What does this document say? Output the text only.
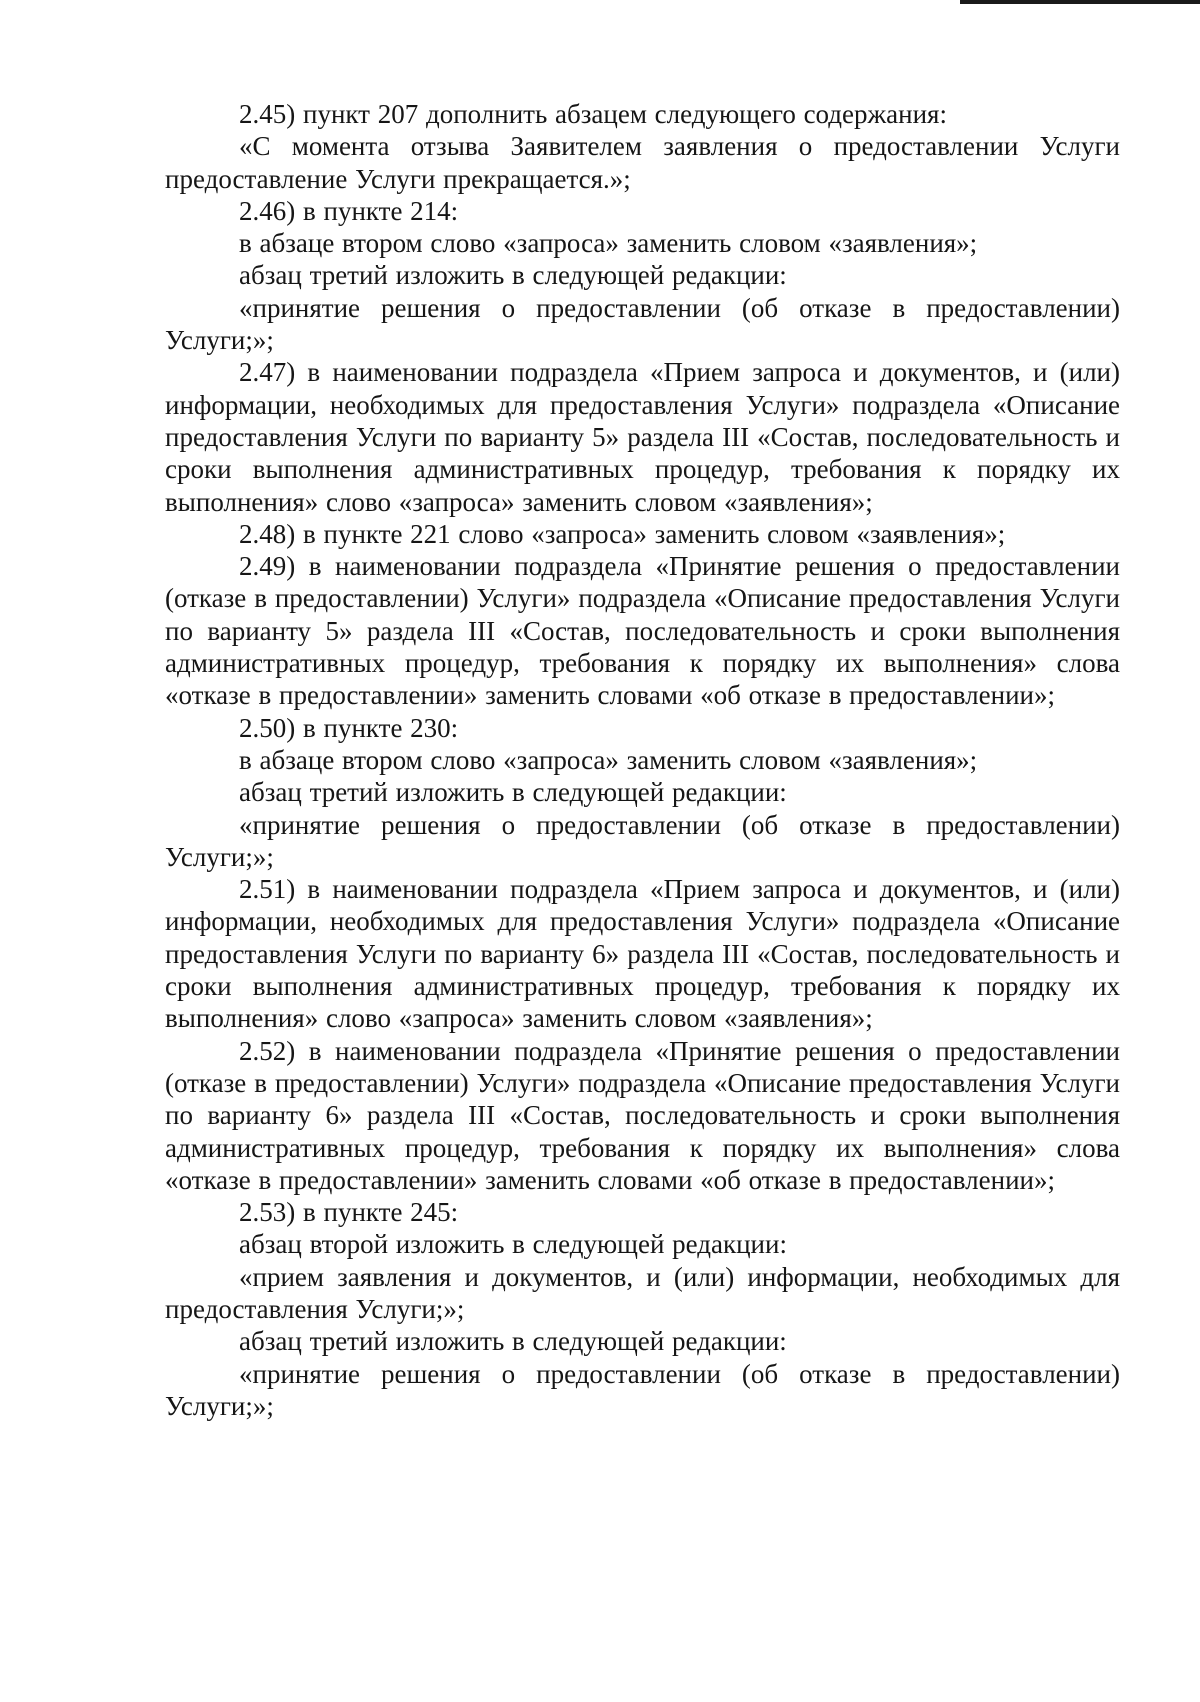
2.45) пункт 207 дополнить абзацем следующего содержания:

«С момента отзыва Заявителем заявления о предоставлении Услуги предоставление Услуги прекращается.»;

2.46) в пункте 214:

в абзаце втором слово «запроса» заменить словом «заявления»;

абзац третий изложить в следующей редакции:

«принятие решения о предоставлении (об отказе в предоставлении) Услуги;»;

2.47) в наименовании подраздела «Прием запроса и документов, и (или) информации, необходимых для предоставления Услуги» подраздела «Описание предоставления Услуги по варианту 5» раздела III «Состав, последовательность и сроки выполнения административных процедур, требования к порядку их выполнения» слово «запроса» заменить словом «заявления»;

2.48) в пункте 221 слово «запроса» заменить словом «заявления»;

2.49) в наименовании подраздела «Принятие решения о предоставлении (отказе в предоставлении) Услуги» подраздела «Описание предоставления Услуги по варианту 5» раздела III «Состав, последовательность и сроки выполнения административных процедур, требования к порядку их выполнения» слова «отказе в предоставлении» заменить словами «об отказе в предоставлении»;

2.50) в пункте 230:

в абзаце втором слово «запроса» заменить словом «заявления»;

абзац третий изложить в следующей редакции:

«принятие решения о предоставлении (об отказе в предоставлении) Услуги;»;

2.51) в наименовании подраздела «Прием запроса и документов, и (или) информации, необходимых для предоставления Услуги» подраздела «Описание предоставления Услуги по варианту 6» раздела III «Состав, последовательность и сроки выполнения административных процедур, требования к порядку их выполнения» слово «запроса» заменить словом «заявления»;

2.52) в наименовании подраздела «Принятие решения о предоставлении (отказе в предоставлении) Услуги» подраздела «Описание предоставления Услуги по варианту 6» раздела III «Состав, последовательность и сроки выполнения административных процедур, требования к порядку их выполнения» слова «отказе в предоставлении» заменить словами «об отказе в предоставлении»;

2.53) в пункте 245:

абзац второй изложить в следующей редакции:

«прием заявления и документов, и (или) информации, необходимых для предоставления Услуги;»;

абзац третий изложить в следующей редакции:

«принятие решения о предоставлении (об отказе в предоставлении) Услуги;»;
